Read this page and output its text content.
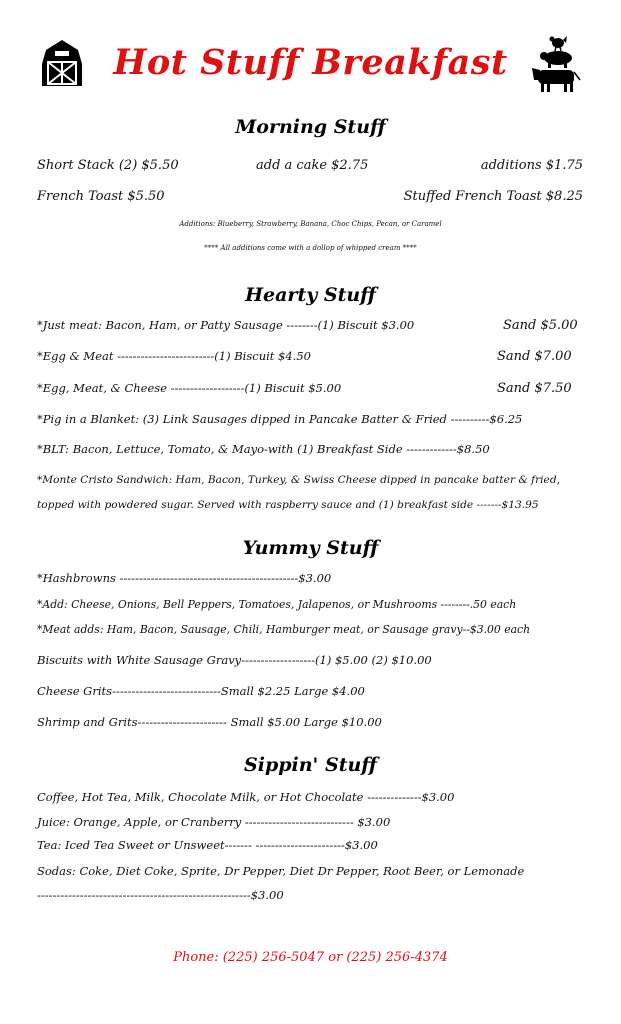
Hot Stuff Breakfast
Morning Stuff
Short Stack (2) $5.50	add a cake $2.75	additions $1.75
French Toast $5.50	Stuffed French Toast $8.25
Additions: Blueberry, Strawberry, Banana, Choc Chips, Pecan, or Caramel
**** All additions come with a dollop of whipped cream ****
Hearty Stuff
*Just meat: Bacon, Ham, or Patty Sausage --------(1) Biscuit $3.00	Sand $5.00
*Egg & Meat -------------------------(1) Biscuit $4.50	Sand $7.00
*Egg, Meat, & Cheese -------------------(1) Biscuit $5.00	Sand $7.50
*Pig in a Blanket: (3) Link Sausages dipped in Pancake Batter & Fried ----------$6.25
*BLT: Bacon, Lettuce, Tomato, & Mayo-with (1) Breakfast Side -------------$8.50
*Monte Cristo Sandwich: Ham, Bacon, Turkey, & Swiss Cheese dipped in pancake batter & fried,
topped with powdered sugar. Served with raspberry sauce and (1) breakfast side -------$13.95
Yummy Stuff
*Hashbrowns ----------------------------------------------$3.00
*Add: Cheese, Onions, Bell Peppers, Tomatoes, Jalapenos, or Mushrooms --------.50 each
*Meat adds: Ham, Bacon, Sausage, Chili, Hamburger meat, or Sausage gravy--$3.00 each
Biscuits with White Sausage Gravy-------------------(1) $5.00 (2) $10.00
Cheese Grits----------------------------Small $2.25 Large $4.00
Shrimp and Grits----------------------- Small $5.00 Large $10.00
Sippin' Stuff
Coffee, Hot Tea, Milk, Chocolate Milk, or Hot Chocolate --------------$3.00
Juice: Orange, Apple, or Cranberry ---------------------------- $3.00
Tea: Iced Tea Sweet or Unsweet------- -----------------------$3.00
Sodas: Coke, Diet Coke, Sprite, Dr Pepper, Diet Dr Pepper, Root Beer, or Lemonade
-------------------------------------------------------$3.00
Phone: (225) 256-5047 or (225) 256-4374
